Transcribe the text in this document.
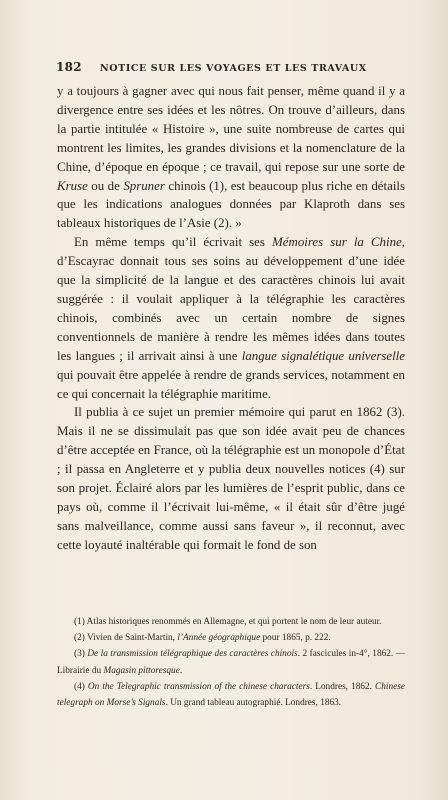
182	NOTICE SUR LES VOYAGES ET LES TRAVAUX

y a toujours à gagner avec qui nous fait penser, même quand il y a divergence entre ses idées et les nôtres. On trouve d’ailleurs, dans la partie intitulée « Histoire », une suite nombreuse de cartes qui montrent les limites, les grandes divisions et la nomenclature de la Chine, d’époque en époque ; ce travail, qui repose sur une sorte de Kruse ou de Spruner chinois (1), est beaucoup plus riche en détails que les indications analogues données par Klaproth dans ses tableaux historiques de l’Asie (2). »

En même temps qu’il écrivait ses Mémoires sur la Chine, d’Escayrac donnait tous ses soins au développement d’une idée que la simplicité de la langue et des caractères chinois lui avait suggérée : il voulait appliquer à la télégraphie les caractères chinois, combinés avec un certain nombre de signes conventionnels de manière à rendre les mêmes idées dans toutes les langues ; il arrivait ainsi à une langue signalétique universelle qui pouvait être appelée à rendre de grands services, notamment en ce qui concernait la télégraphie maritime.

Il publia à ce sujet un premier mémoire qui parut en 1862 (3). Mais il ne se dissimulait pas que son idée avait peu de chances d’être acceptée en France, où la télégraphie est un monopole d’État ; il passa en Angleterre et y publia deux nouvelles notices (4) sur son projet. Éclairé alors par les lumières de l’esprit public, dans ce pays où, comme il l’écrivait lui-même, « il était sûr d’être jugé sans malveillance, comme aussi sans faveur », il reconnut, avec cette loyauté inaltérable qui formait le fond de son

(1) Atlas historiques renommés en Allemagne, et qui portent le nom de leur auteur.

(2) Vivien de Saint-Martin, l’Année géographique pour 1865, p. 222.

(3) De la transmission télégraphique des caractères chinois. 2 fascicules in-4°, 1862. — Librairie du Magasin pittoresque.

(4) On the Telegraphic transmission of the chinese characters. Londres, 1862. Chinese telegraph on Morse’s Signals. Un grand tableau autographié. Londres, 1863.
